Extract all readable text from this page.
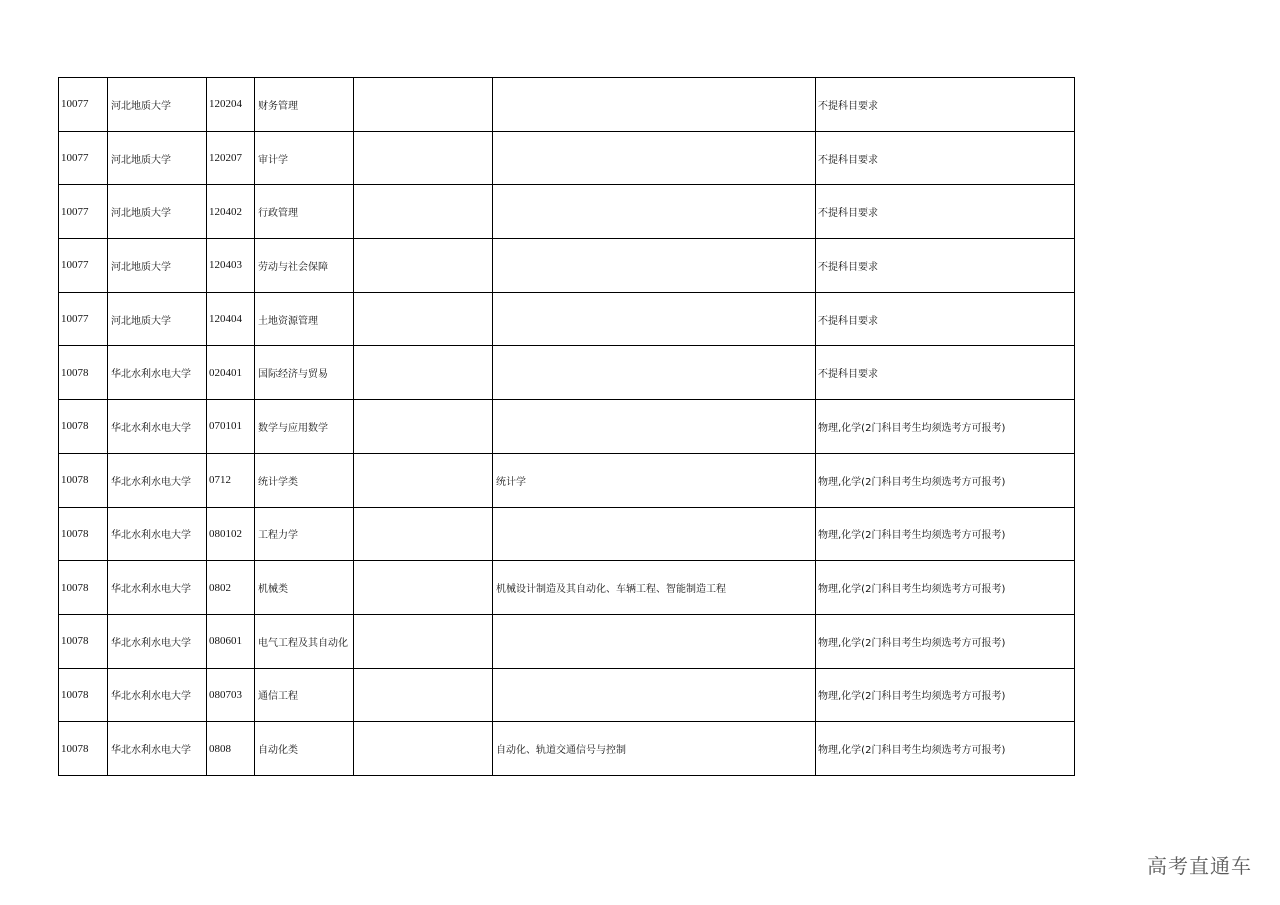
10077	河北地质大学	120204	财务管理			不提科目要求
10077	河北地质大学	120207	审计学			不提科目要求
10077	河北地质大学	120402	行政管理			不提科目要求
10077	河北地质大学	120403	劳动与社会保障			不提科目要求
10077	河北地质大学	120404	土地资源管理			不提科目要求
10078	华北水利水电大学	020401	国际经济与贸易			不提科目要求
10078	华北水利水电大学	070101	数学与应用数学			物理,化学(2门科目考生均须选考方可报考)
10078	华北水利水电大学	0712	统计学类		统计学	物理,化学(2门科目考生均须选考方可报考)
10078	华北水利水电大学	080102	工程力学			物理,化学(2门科目考生均须选考方可报考)
10078	华北水利水电大学	0802	机械类		机械设计制造及其自动化、车辆工程、智能制造工程	物理,化学(2门科目考生均须选考方可报考)
10078	华北水利水电大学	080601	电气工程及其自动化			物理,化学(2门科目考生均须选考方可报考)
10078	华北水利水电大学	080703	通信工程			物理,化学(2门科目考生均须选考方可报考)
10078	华北水利水电大学	0808	自动化类		自动化、轨道交通信号与控制	物理,化学(2门科目考生均须选考方可报考)
高考直通车
